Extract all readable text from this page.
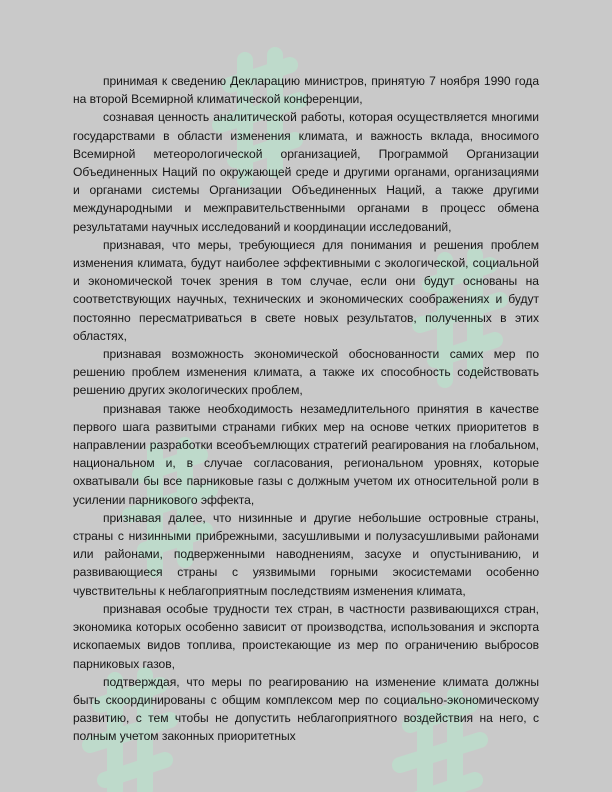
принимая к сведению Декларацию министров, принятую 7 ноября 1990 года на второй Всемирной климатической конференции,

сознавая ценность аналитической работы, которая осуществляется многими государствами в области изменения климата, и важность вклада, вносимого Всемирной метеорологической организацией, Программой Организации Объединенных Наций по окружающей среде и другими органами, организациями и органами системы Организации Объединенных Наций, а также другими международными и межправительственными органами в процесс обмена результатами научных исследований и координации исследований,

признавая, что меры, требующиеся для понимания и решения проблем изменения климата, будут наиболее эффективными с экологической, социальной и экономической точек зрения в том случае, если они будут основаны на соответствующих научных, технических и экономических соображениях и будут постоянно пересматриваться в свете новых результатов, полученных в этих областях,

признавая возможность экономической обоснованности самих мер по решению проблем изменения климата, а также их способность содействовать решению других экологических проблем,

признавая также необходимость незамедлительного принятия в качестве первого шага развитыми странами гибких мер на основе четких приоритетов в направлении разработки всеобъемлющих стратегий реагирования на глобальном, национальном и, в случае согласования, региональном уровнях, которые охватывали бы все парниковые газы с должным учетом их относительной роли в усилении парникового эффекта,

признавая далее, что низинные и другие небольшие островные страны, страны с низинными прибрежными, засушливыми и полузасушливыми районами или районами, подверженными наводнениям, засухе и опустыниванию, и развивающиеся страны с уязвимыми горными экосистемами особенно чувствительны к неблагоприятным последствиям изменения климата,

признавая особые трудности тех стран, в частности развивающихся стран, экономика которых особенно зависит от производства, использования и экспорта ископаемых видов топлива, проистекающие из мер по ограничению выбросов парниковых газов,

подтверждая, что меры по реагированию на изменение климата должны быть скоординированы с общим комплексом мер по социально-экономическому развитию, с тем чтобы не допустить неблагоприятного воздействия на него, с полным учетом законных приоритетных
